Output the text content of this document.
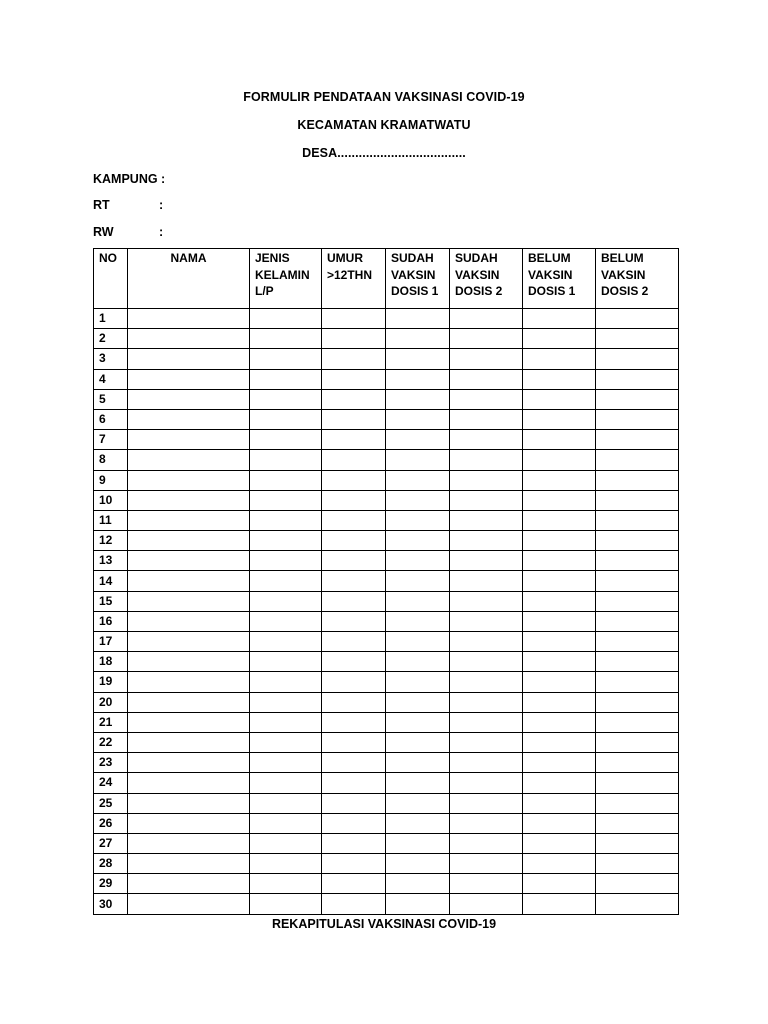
FORMULIR PENDATAAN VAKSINASI COVID-19
KECAMATAN KRAMATWATU
DESA....................................
KAMPUNG :
RT	:
RW	:
NO	NAMA	JENIS KELAMIN L/P	UMUR >12THN	SUDAH VAKSIN DOSIS 1	SUDAH VAKSIN DOSIS 2	BELUM VAKSIN DOSIS 1	BELUM VAKSIN DOSIS 2
1							
2							
3							
4							
5							
6							
7							
8							
9							
10							
11							
12							
13							
14							
15							
16							
17							
18							
19							
20							
21							
22							
23							
24							
25							
26							
27							
28							
29							
30							
REKAPITULASI VAKSINASI COVID-19
